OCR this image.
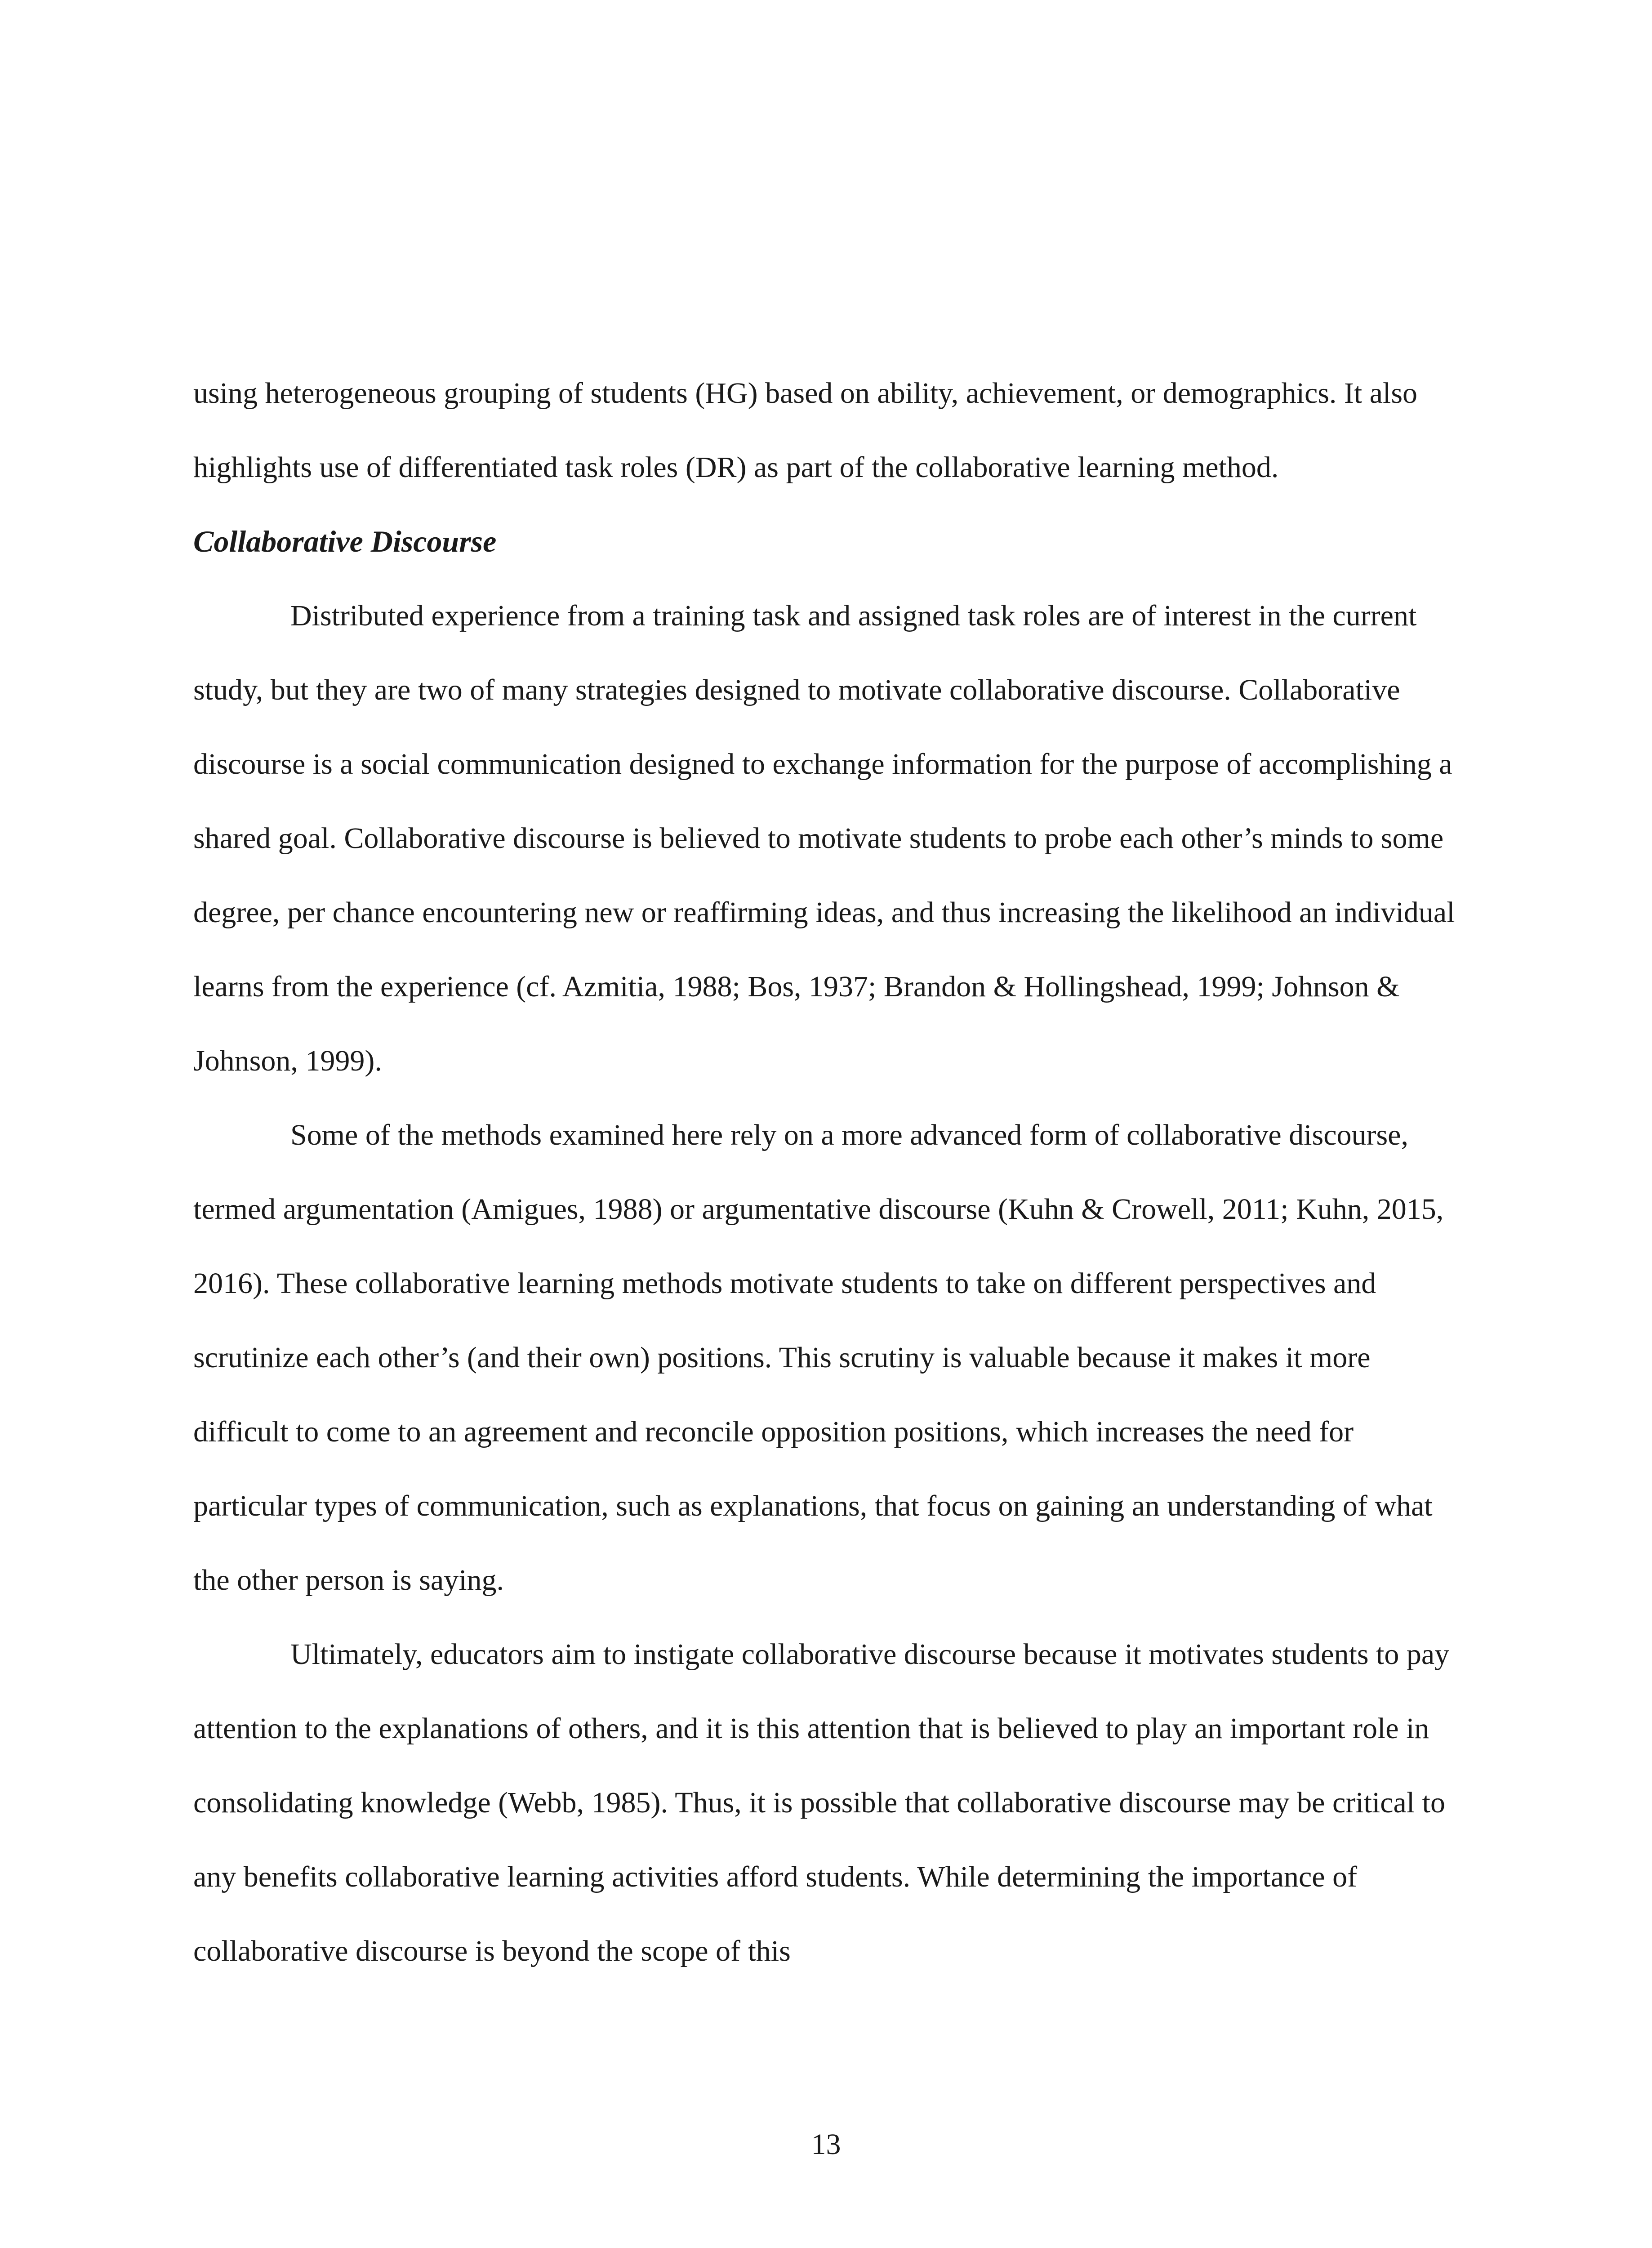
using heterogeneous grouping of students (HG) based on ability, achievement, or demographics. It also highlights use of differentiated task roles (DR) as part of the collaborative learning method.

Collaborative Discourse

Distributed experience from a training task and assigned task roles are of interest in the current study, but they are two of many strategies designed to motivate collaborative discourse. Collaborative discourse is a social communication designed to exchange information for the purpose of accomplishing a shared goal. Collaborative discourse is believed to motivate students to probe each other’s minds to some degree, per chance encountering new or reaffirming ideas, and thus increasing the likelihood an individual learns from the experience (cf. Azmitia, 1988; Bos, 1937; Brandon & Hollingshead, 1999; Johnson & Johnson, 1999).

Some of the methods examined here rely on a more advanced form of collaborative discourse, termed argumentation (Amigues, 1988) or argumentative discourse (Kuhn & Crowell, 2011; Kuhn, 2015, 2016). These collaborative learning methods motivate students to take on different perspectives and scrutinize each other’s (and their own) positions. This scrutiny is valuable because it makes it more difficult to come to an agreement and reconcile opposition positions, which increases the need for particular types of communication, such as explanations, that focus on gaining an understanding of what the other person is saying.

Ultimately, educators aim to instigate collaborative discourse because it motivates students to pay attention to the explanations of others, and it is this attention that is believed to play an important role in consolidating knowledge (Webb, 1985). Thus, it is possible that collaborative discourse may be critical to any benefits collaborative learning activities afford students. While determining the importance of collaborative discourse is beyond the scope of this

13
